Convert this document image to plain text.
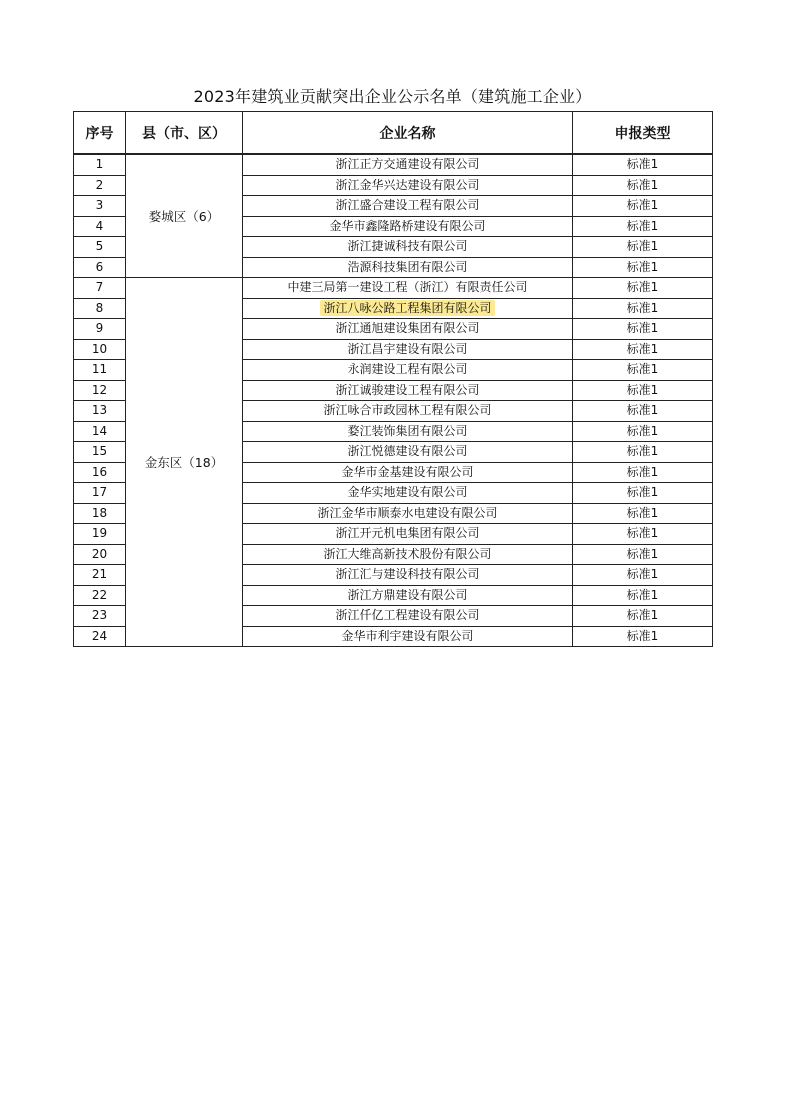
2023年建筑业贡献突出企业公示名单（建筑施工企业）
序号	县（市、区）	企业名称	申报类型
1	婺城区（6）	浙江正方交通建设有限公司	标准1
2		浙江金华兴达建设有限公司	标准1
3		浙江盛合建设工程有限公司	标准1
4		金华市鑫隆路桥建设有限公司	标准1
5		浙江捷诚科技有限公司	标准1
6		浩源科技集团有限公司	标准1
7	金东区（18）	中建三局第一建设工程（浙江）有限责任公司	标准1
8		浙江八咏公路工程集团有限公司	标准1
9		浙江通旭建设集团有限公司	标准1
10		浙江昌宇建设有限公司	标准1
11		永润建设工程有限公司	标准1
12		浙江诚骏建设工程有限公司	标准1
13		浙江咏合市政园林工程有限公司	标准1
14		婺江装饰集团有限公司	标准1
15		浙江悦德建设有限公司	标准1
16		金华市金基建设有限公司	标准1
17		金华实地建设有限公司	标准1
18		浙江金华市顺泰水电建设有限公司	标准1
19		浙江开元机电集团有限公司	标准1
20		浙江大维高新技术股份有限公司	标准1
21		浙江汇与建设科技有限公司	标准1
22		浙江方鼎建设有限公司	标准1
23		浙江仟亿工程建设有限公司	标准1
24		金华市利宇建设有限公司	标准1
